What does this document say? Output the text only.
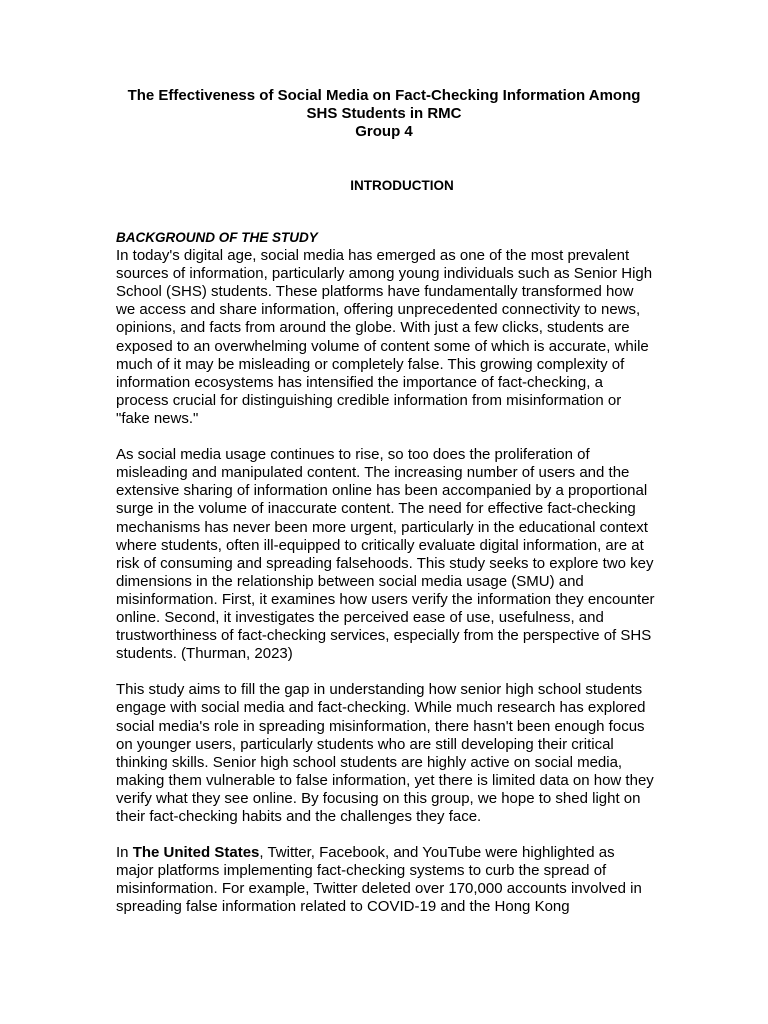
The Effectiveness of Social Media on Fact-Checking Information Among
SHS Students in RMC
Group 4
INTRODUCTION
BACKGROUND OF THE STUDY

In today's digital age, social media has emerged as one of the most prevalent sources of information, particularly among young individuals such as Senior High School (SHS) students. These platforms have fundamentally transformed how we access and share information, offering unprecedented connectivity to news, opinions, and facts from around the globe. With just a few clicks, students are exposed to an overwhelming volume of content some of which is accurate, while much of it may be misleading or completely false. This growing complexity of information ecosystems has intensified the importance of fact-checking, a process crucial for distinguishing credible information from misinformation or "fake news."

As social media usage continues to rise, so too does the proliferation of misleading and manipulated content. The increasing number of users and the extensive sharing of information online has been accompanied by a proportional surge in the volume of inaccurate content. The need for effective fact-checking mechanisms has never been more urgent, particularly in the educational context where students, often ill-equipped to critically evaluate digital information, are at risk of consuming and spreading falsehoods. This study seeks to explore two key dimensions in the relationship between social media usage (SMU) and misinformation. First, it examines how users verify the information they encounter online. Second, it investigates the perceived ease of use, usefulness, and trustworthiness of fact-checking services, especially from the perspective of SHS students. (Thurman, 2023)

This study aims to fill the gap in understanding how senior high school students engage with social media and fact-checking. While much research has explored social media's role in spreading misinformation, there hasn't been enough focus on younger users, particularly students who are still developing their critical thinking skills. Senior high school students are highly active on social media, making them vulnerable to false information, yet there is limited data on how they verify what they see online. By focusing on this group, we hope to shed light on their fact-checking habits and the challenges they face.

In The United States, Twitter, Facebook, and YouTube were highlighted as major platforms implementing fact-checking systems to curb the spread of misinformation. For example, Twitter deleted over 170,000 accounts involved in spreading false information related to COVID-19 and the Hong Kong
